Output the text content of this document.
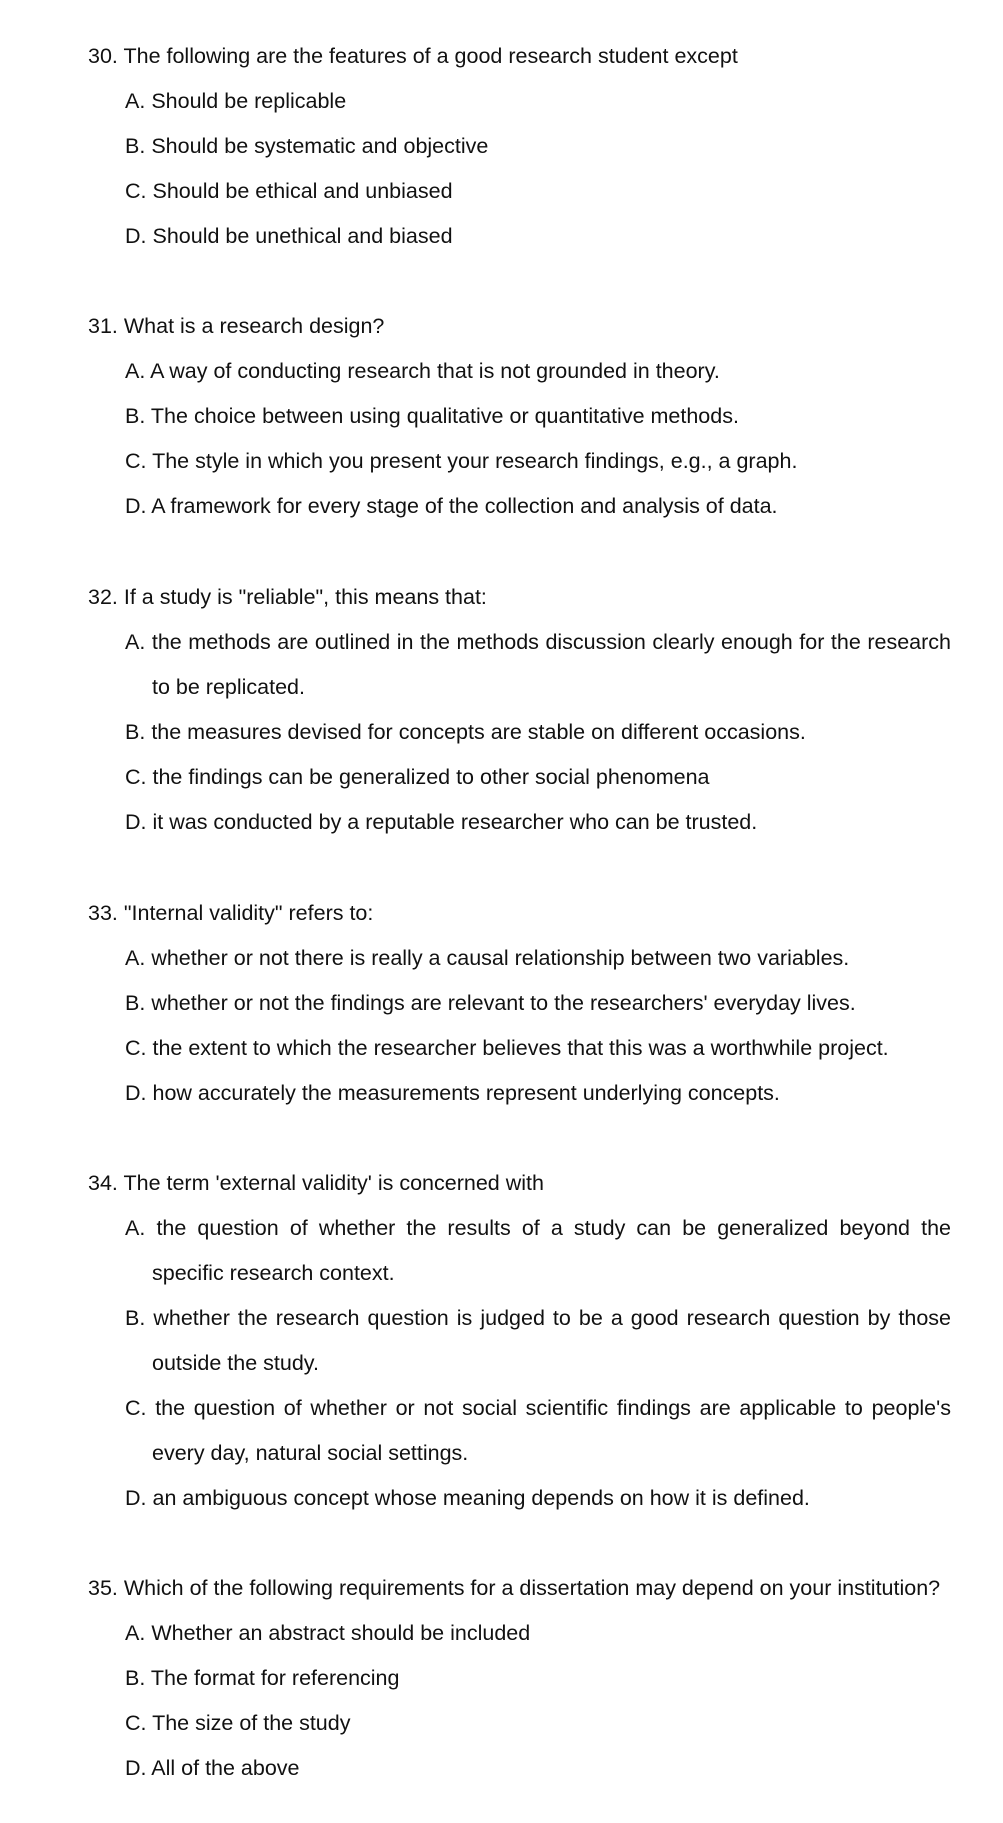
30. The following are the features of a good research student except
A. Should be replicable
B. Should be systematic and objective
C. Should be ethical and unbiased
D. Should be unethical and biased
31. What is a research design?
A. A way of conducting research that is not grounded in theory.
B. The choice between using qualitative or quantitative methods.
C. The style in which you present your research findings, e.g., a graph.
D. A framework for every stage of the collection and analysis of data.
32. If a study is "reliable", this means that:
A. the methods are outlined in the methods discussion clearly enough for the research to be replicated.
B. the measures devised for concepts are stable on different occasions.
C. the findings can be generalized to other social phenomena
D. it was conducted by a reputable researcher who can be trusted.
33. "Internal validity" refers to:
A. whether or not there is really a causal relationship between two variables.
B. whether or not the findings are relevant to the researchers' everyday lives.
C. the extent to which the researcher believes that this was a worthwhile project.
D. how accurately the measurements represent underlying concepts.
34. The term 'external validity' is concerned with
A. the question of whether the results of a study can be generalized beyond the specific research context.
B. whether the research question is judged to be a good research question by those outside the study.
C. the question of whether or not social scientific findings are applicable to people's every day, natural social settings.
D. an ambiguous concept whose meaning depends on how it is defined.
35. Which of the following requirements for a dissertation may depend on your institution?
A. Whether an abstract should be included
B. The format for referencing
C. The size of the study
D. All of the above
